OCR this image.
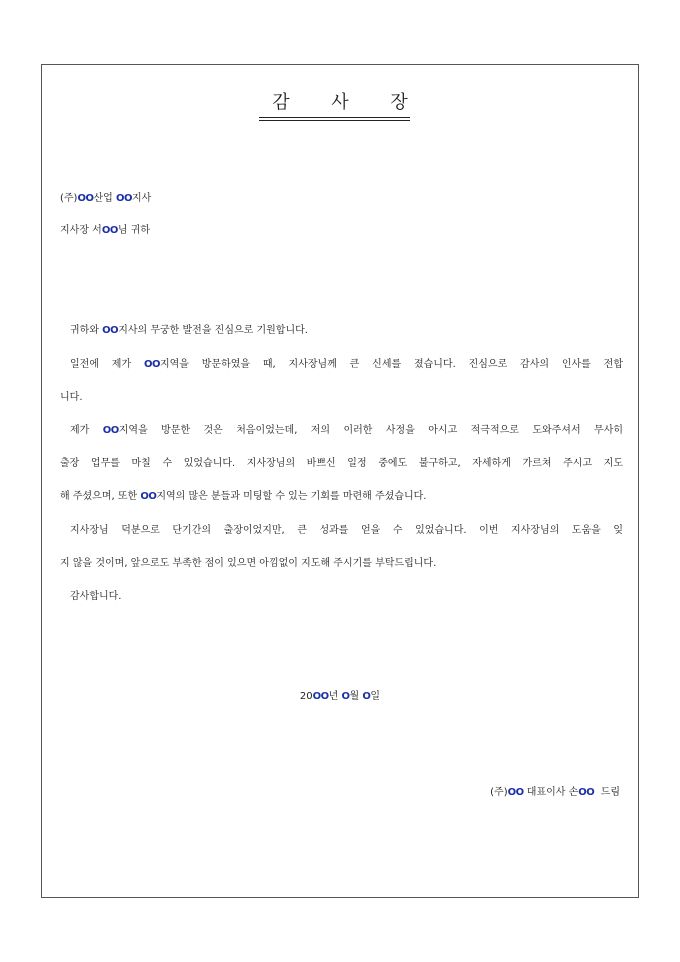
감 사 장
(주)OO산업 OO지사
지사장 서OO님 귀하
귀하와 OO지사의 무궁한 발전을 진심으로 기원합니다.
일전에 제가 OO지역을 방문하였을 때, 지사장님께 큰 신세를 졌습니다. 진심으로 감사의 인사를 전합
니다.
제가 OO지역을 방문한 것은 처음이었는데, 저의 이러한 사정을 아시고 적극적으로 도와주셔서 무사히
출장 업무를 마칠 수 있었습니다. 지사장님의 바쁘신 일정 중에도 불구하고, 자세하게 가르쳐 주시고 지도
해 주셨으며, 또한 OO지역의 많은 분들과 미팅할 수 있는 기회를 마련해 주셨습니다.
지사장님 덕분으로 단기간의 출장이었지만, 큰 성과를 얻을 수 있었습니다. 이번 지사장님의 도움을 잊
지 않을 것이며, 앞으로도 부족한 점이 있으면 아낌없이 지도해 주시기를 부탁드립니다.
감사합니다.
20OO년 O월 O일
(주)OO 대표이사 손OO  드림
